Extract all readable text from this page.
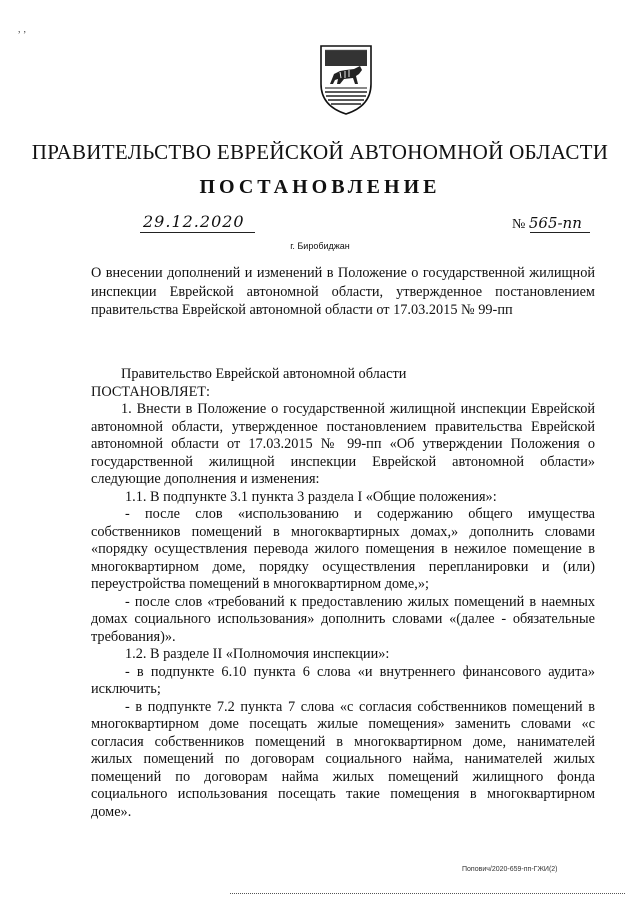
, ‚
ПРАВИТЕЛЬСТВО ЕВРЕЙСКОЙ АВТОНОМНОЙ ОБЛАСТИ
ПОСТАНОВЛЕНИЕ
29.12.2020	№ 565-пп
г. Биробиджан
О внесении дополнений и изменений в Положение о государственной жилищной инспекции Еврейской автономной области, утвержденное постановлением правительства Еврейской автономной области от 17.03.2015 № 99-пп

Правительство Еврейской автономной области

ПОСТАНОВЛЯЕТ:

1. Внести в Положение о государственной жилищной инспекции Еврейской автономной области, утвержденное постановлением правительства Еврейской автономной области от 17.03.2015 № 99-пп «Об утверждении Положения о государственной жилищной инспекции Еврейской автономной области» следующие дополнения и изменения:

1.1. В подпункте 3.1 пункта 3 раздела I «Общие положения»:

- после слов «использованию и содержанию общего имущества собственников помещений в многоквартирных домах,» дополнить словами «порядку осуществления перевода жилого помещения в нежилое помещение в многоквартирном доме, порядку осуществления перепланировки и (или) переустройства помещений в многоквартирном доме,»;

- после слов «требований к предоставлению жилых помещений в наемных домах социального использования» дополнить словами «(далее - обязательные требования)».

1.2. В разделе II «Полномочия инспекции»:

- в подпункте 6.10 пункта 6 слова «и внутреннего финансового аудита» исключить;

- в подпункте 7.2 пункта 7 слова «с согласия собственников помещений в многоквартирном доме посещать жилые помещения» заменить словами «с согласия собственников помещений в многоквартирном доме, нанимателей жилых помещений по договорам социального найма, нанимателей жилых помещений по договорам найма жилых помещений жилищного фонда социального использования посещать такие помещения в многоквартирном доме».

Попович/2020-659-пп-ГЖИ(2)
